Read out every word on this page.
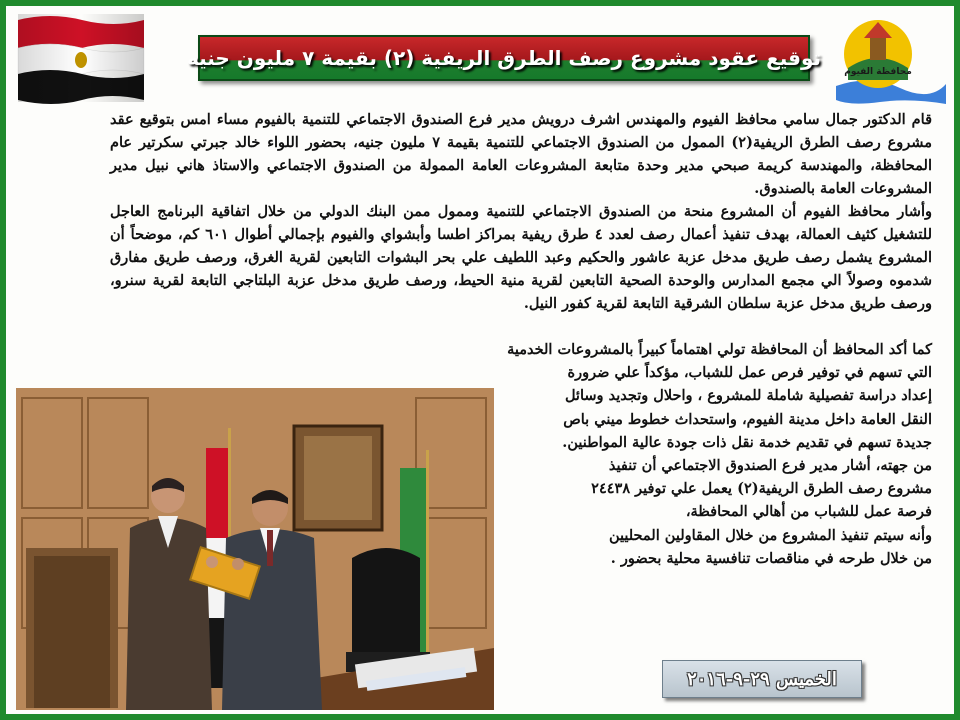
محافظة الفيوم
توقيع عقود مشروع رصف الطرق الريفية (٢) بقيمة ٧ مليون جنيه

قام الدكتور جمال سامي محافظ الفيوم والمهندس اشرف درويش مدير فرع الصندوق الاجتماعي للتنمية بالفيوم مساء امس بتوقيع عقد مشروع رصف الطرق الريفية(٢) الممول من الصندوق الاجتماعي للتنمية بقيمة ٧ مليون جنيه، بحضور اللواء خالد جبرتي سكرتير عام المحافظة، والمهندسة كريمة صبحي مدير وحدة متابعة المشروعات العامة الممولة من الصندوق الاجتماعي والاستاذ هاني نبيل مدير المشروعات العامة بالصندوق.

وأشار محافظ الفيوم أن المشروع منحة من الصندوق الاجتماعي للتنمية وممول ممن البنك الدولي من خلال اتفاقية البرنامج العاجل للتشغيل كثيف العمالة، بهدف تنفيذ أعمال رصف لعدد ٤ طرق ريفية بمراكز اطسا وأبشواي والفيوم بإجمالي أطوال ٦٠١ كم، موضحاً أن المشروع يشمل رصف طريق مدخل عزبة عاشور والحكيم وعبد اللطيف علي بحر البشوات التابعين لقرية الغرق، ورصف طريق مفارق شدموه وصولاً الي مجمع المدارس والوحدة الصحية التابعين لقرية منية الحيط، ورصف طريق مدخل عزبة البلتاجي التابعة لقرية سنرو، ورصف طريق مدخل عزبة سلطان الشرقية التابعة لقرية كفور النيل.

كما أكد المحافظ أن المحافظة تولي اهتماماً كبيراً بالمشروعات الخدمية

التي تسهم في توفير فرص عمل للشباب، مؤكداً علي ضرورة

إعداد دراسة تفصيلية شاملة للمشروع ، واحلال وتجديد وسائل

النقل العامة داخل مدينة الفيوم، واستحداث خطوط ميني باص

جديدة تسهم في تقديم خدمة نقل ذات جودة عالية المواطنين.

من جهته، أشار مدير فرع الصندوق الاجتماعي أن تنفيذ

مشروع رصف الطرق الريفية(٢) يعمل علي توفير ٢٤٤٣٨

فرصة عمل للشباب من أهالي المحافظة،

وأنه سيتم تنفيذ المشروع من خلال المقاولين المحليين

من خلال طرحه في مناقصات تنافسية محلية بحضور .

الخميس ٢٩-٩-٢٠١٦
